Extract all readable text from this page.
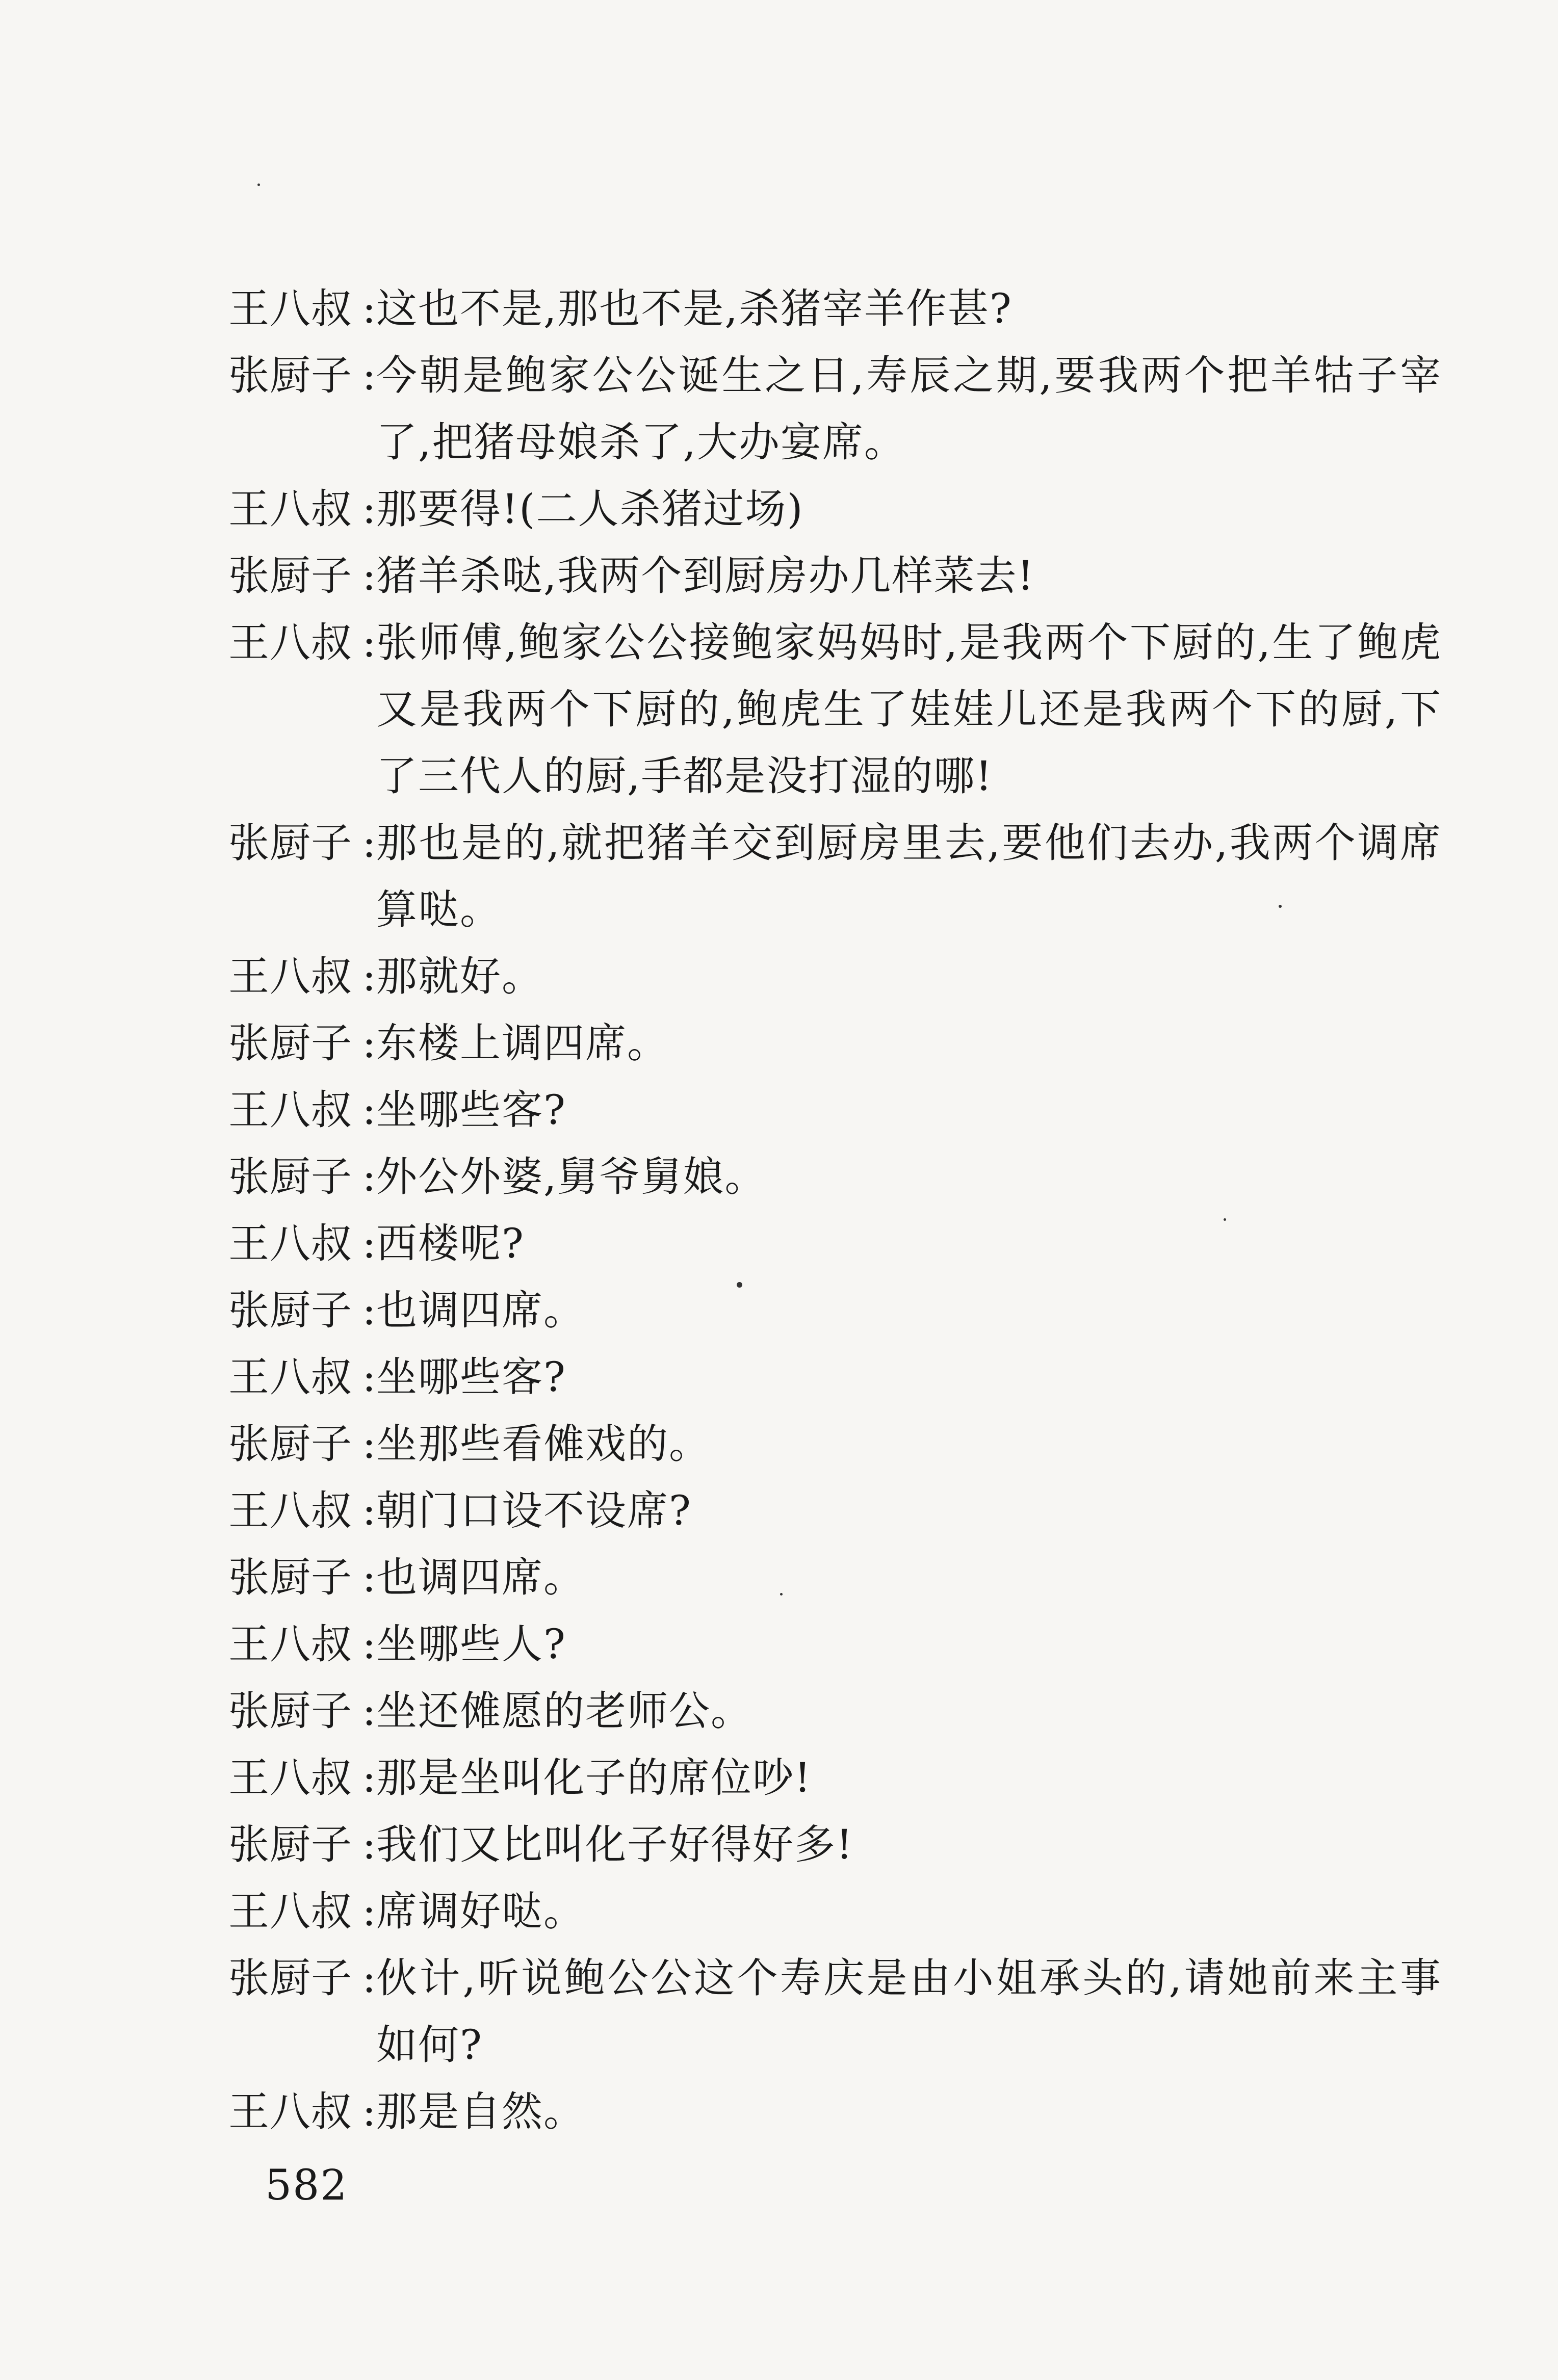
王八叔 : 这也不是,那也不是,杀猪宰羊作甚?
张厨子 : 今朝是鲍家公公诞生之日,寿辰之期,要我两个把羊牯子宰了,把猪母娘杀了,大办宴席。
王八叔 : 那要得!(二人杀猪过场)
张厨子 : 猪羊杀哒,我两个到厨房办几样菜去!
王八叔 : 张师傅,鲍家公公接鲍家妈妈时,是我两个下厨的,生了鲍虎又是我两个下厨的,鲍虎生了娃娃儿还是我两个下的厨,下了三代人的厨,手都是没打湿的哪!
张厨子 : 那也是的,就把猪羊交到厨房里去,要他们去办,我两个调席算哒。
王八叔 : 那就好。
张厨子 : 东楼上调四席。
王八叔 : 坐哪些客?
张厨子 : 外公外婆,舅爷舅娘。
王八叔 : 西楼呢?
张厨子 : 也调四席。
王八叔 : 坐哪些客?
张厨子 : 坐那些看傩戏的。
王八叔 : 朝门口设不设席?
张厨子 : 也调四席。
王八叔 : 坐哪些人?
张厨子 : 坐还傩愿的老师公。
王八叔 : 那是坐叫化子的席位吵!
张厨子 : 我们又比叫化子好得好多!
王八叔 : 席调好哒。
张厨子 : 伙计,听说鲍公公这个寿庆是由小姐承头的,请她前来主事如何?
王八叔 : 那是自然。
582
